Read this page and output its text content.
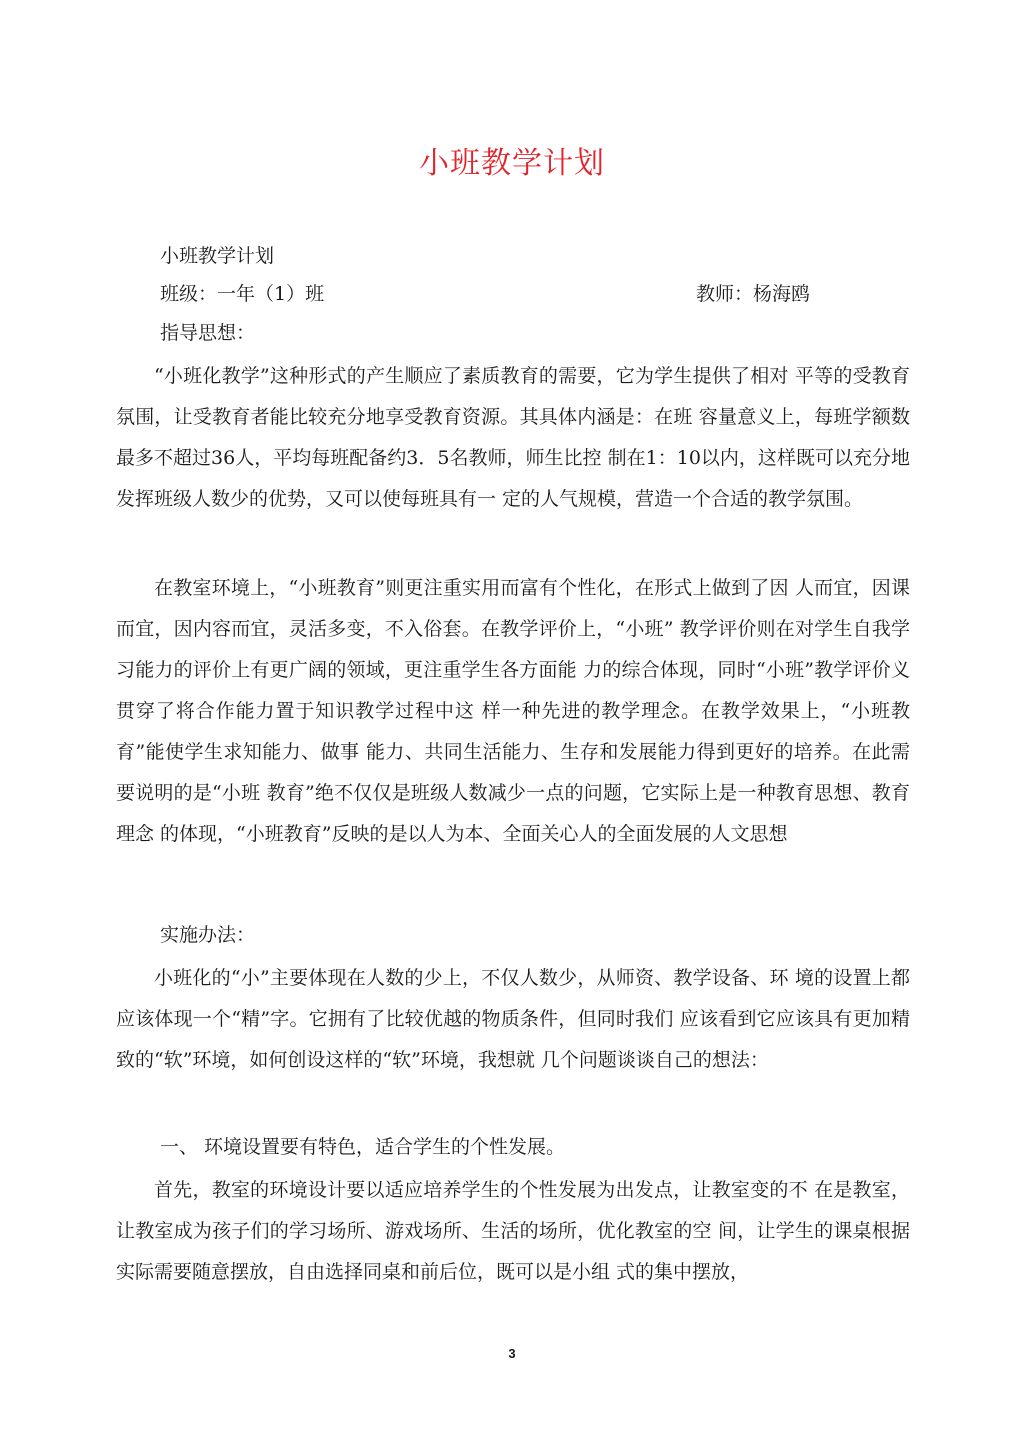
小班教学计划
小班教学计划
班级：一年（1）班	教师：杨海鸥
指导思想：
“小班化教学”这种形式的产生顺应了素质教育的需要，它为学生提供了相对 平等的受教育氛围，让受教育者能比较充分地享受教育资源。其具体内涵是：在班 容量意义上，每班学额数最多不超过36人，平均每班配备约3．5名教师，师生比控 制在1：10以内，这样既可以充分地发挥班级人数少的优势，又可以使每班具有一 定的人气规模，营造一个合适的教学氛围。
在教室环境上，“小班教育”则更注重实用而富有个性化，在形式上做到了因 人而宜，因课而宜，因内容而宜，灵活多变，不入俗套。在教学评价上，“小班” 教学评价则在对学生自我学习能力的评价上有更广阔的领域，更注重学生各方面能 力的综合体现，同时“小班”教学评价义贯穿了将合作能力置于知识教学过程中这 样一种先进的教学理念。在教学效果上，“小班教育”能使学生求知能力、做事 能力、共同生活能力、生存和发展能力得到更好的培养。在此需要说明的是“小班 教育”绝不仅仅是班级人数减少一点的问题，它实际上是一种教育思想、教育理念 的体现，“小班教育”反映的是以人为本、全面关心人的全面发展的人文思想
实施办法：
小班化的“小”主要体现在人数的少上，不仅人数少，从师资、教学设备、环 境的设置上都应该体现一个“精”字。它拥有了比较优越的物质条件，但同时我们 应该看到它应该具有更加精致的“软”环境，如何创设这样的“软”环境，我想就 几个问题谈谈自己的想法：
一、 环境设置要有特色，适合学生的个性发展。
首先，教室的环境设计要以适应培养学生的个性发展为出发点，让教室变的不 在是教室，让教室成为孩子们的学习场所、游戏场所、生活的场所，优化教室的空 间，让学生的课桌根据实际需要随意摆放，自由选择同桌和前后位，既可以是小组 式的集中摆放，
3
